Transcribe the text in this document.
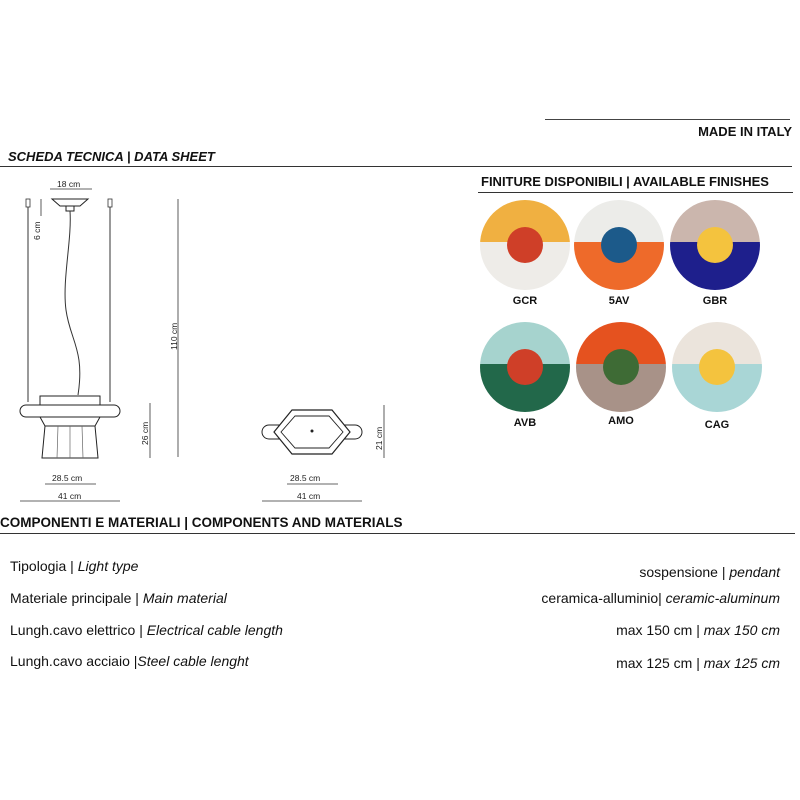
MADE IN ITALY
SCHEDA TECNICA | DATA SHEET
18 cm
6 cm
110 cm
26 cm
28.5 cm
41 cm
21 cm
28.5 cm
41 cm
FINITURE DISPONIBILI | AVAILABLE FINISHES
GCR	5AV	GBR
AVB	AMO	CAG
COMPONENTI E MATERIALI | COMPONENTS AND MATERIALS
Tipologia | Light type	sospensione | pendant
Materiale principale | Main material	ceramica-alluminio| ceramic-aluminum
Lungh.cavo elettrico | Electrical cable length	max 150 cm | max 150 cm
Lungh.cavo acciaio |Steel cable lenght	max 125 cm | max 125 cm
